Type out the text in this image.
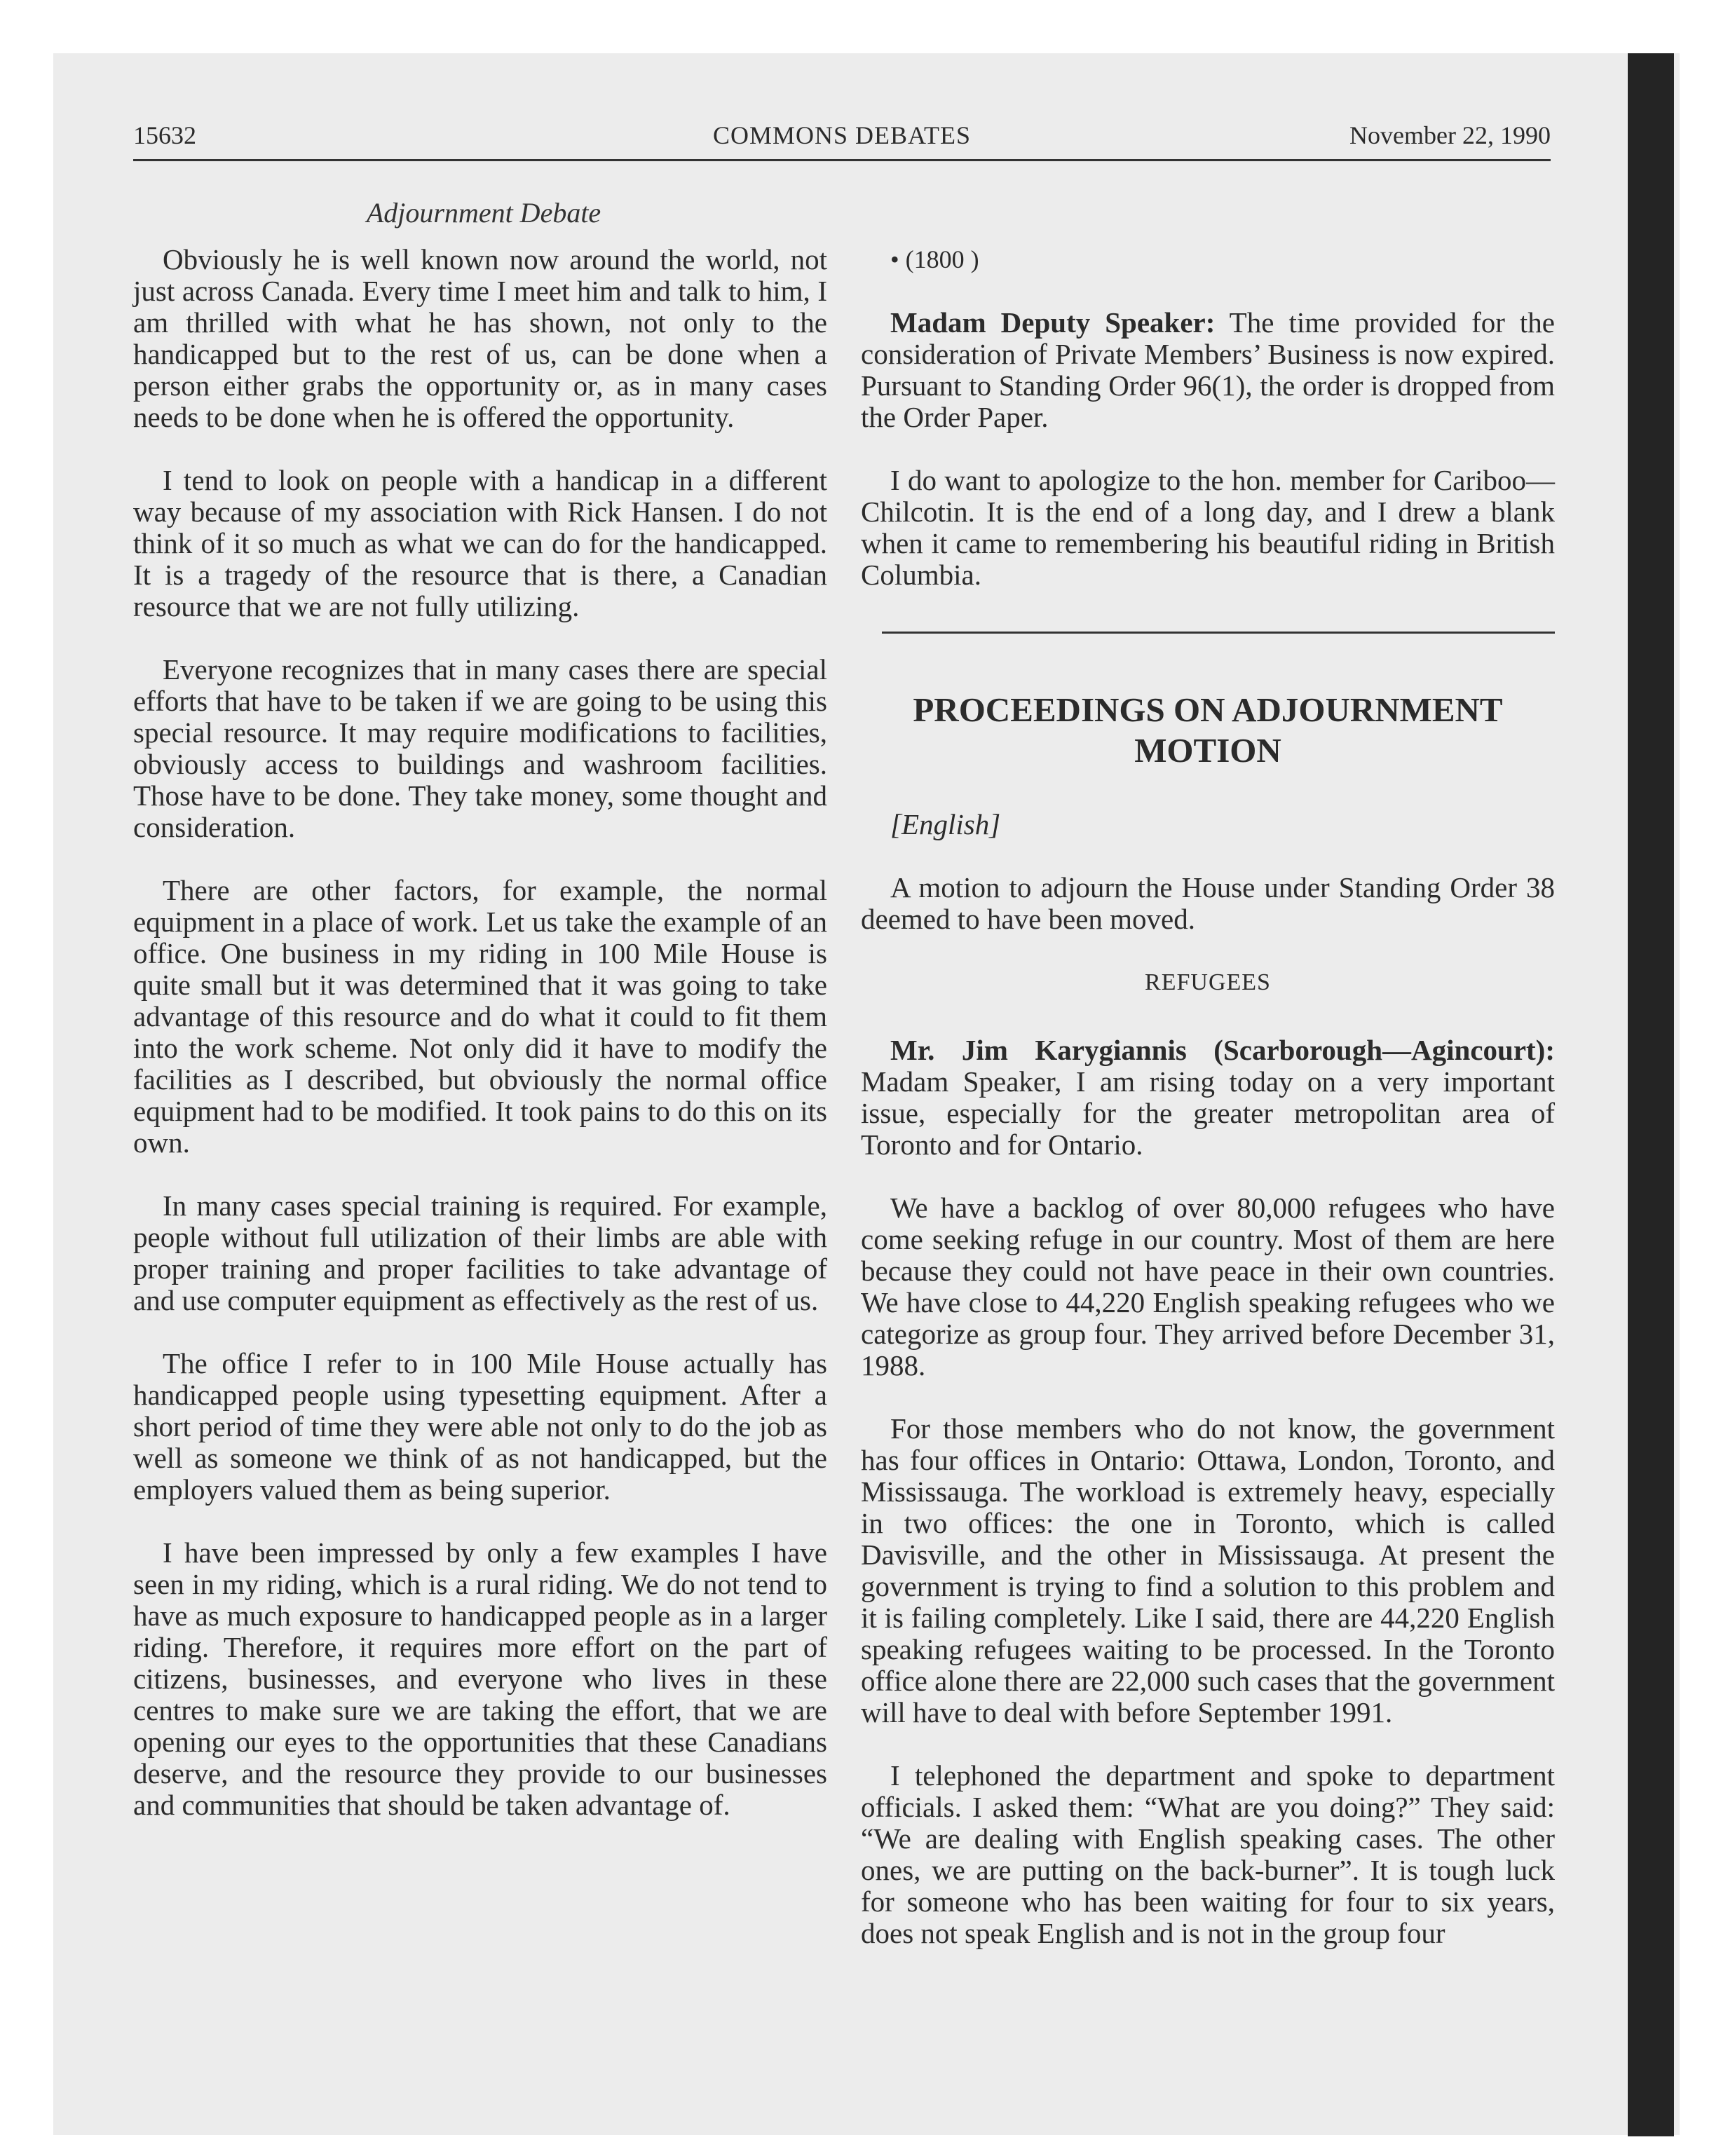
15632	COMMONS DEBATES	November 22, 1990
Adjournment Debate

Obviously he is well known now around the world, not just across Canada. Every time I meet him and talk to him, I am thrilled with what he has shown, not only to the handicapped but to the rest of us, can be done when a person either grabs the opportunity or, as in many cases needs to be done when he is offered the opportunity.

I tend to look on people with a handicap in a different way because of my association with Rick Hansen. I do not think of it so much as what we can do for the handicapped. It is a tragedy of the resource that is there, a Canadian resource that we are not fully utilizing.

Everyone recognizes that in many cases there are special efforts that have to be taken if we are going to be using this special resource. It may require modifications to facilities, obviously access to buildings and washroom facilities. Those have to be done. They take money, some thought and consideration.

There are other factors, for example, the normal equipment in a place of work. Let us take the example of an office. One business in my riding in 100 Mile House is quite small but it was determined that it was going to take advantage of this resource and do what it could to fit them into the work scheme. Not only did it have to modify the facilities as I described, but obviously the normal office equipment had to be modified. It took pains to do this on its own.

In many cases special training is required. For example, people without full utilization of their limbs are able with proper training and proper facilities to take advantage of and use computer equipment as effectively as the rest of us.

The office I refer to in 100 Mile House actually has handicapped people using typesetting equipment. After a short period of time they were able not only to do the job as well as someone we think of as not handicapped, but the employers valued them as being superior.

I have been impressed by only a few examples I have seen in my riding, which is a rural riding. We do not tend to have as much exposure to handicapped people as in a larger riding. Therefore, it requires more effort on the part of citizens, businesses, and everyone who lives in these centres to make sure we are taking the effort, that we are opening our eyes to the opportunities that these Canadians deserve, and the resource they provide to our businesses and communities that should be taken advantage of.

• (1800 )

Madam Deputy Speaker: The time provided for the consideration of Private Members’ Business is now expired. Pursuant to Standing Order 96(1), the order is dropped from the Order Paper.

I do want to apologize to the hon. member for Cariboo—Chilcotin. It is the end of a long day, and I drew a blank when it came to remembering his beautiful riding in British Columbia.

PROCEEDINGS ON ADJOURNMENT MOTION

[English]

A motion to adjourn the House under Standing Order 38 deemed to have been moved.

REFUGEES

Mr. Jim Karygiannis (Scarborough—Agincourt): Madam Speaker, I am rising today on a very important issue, especially for the greater metropolitan area of Toronto and for Ontario.

We have a backlog of over 80,000 refugees who have come seeking refuge in our country. Most of them are here because they could not have peace in their own countries. We have close to 44,220 English speaking refugees who we categorize as group four. They arrived before December 31, 1988.

For those members who do not know, the government has four offices in Ontario: Ottawa, London, Toronto, and Mississauga. The workload is extremely heavy, especially in two offices: the one in Toronto, which is called Davisville, and the other in Mississauga. At present the government is trying to find a solution to this problem and it is failing completely. Like I said, there are 44,220 English speaking refugees waiting to be processed. In the Toronto office alone there are 22,000 such cases that the government will have to deal with before September 1991.

I telephoned the department and spoke to department officials. I asked them: “What are you doing?” They said: “We are dealing with English speaking cases. The other ones, we are putting on the back-burner”. It is tough luck for someone who has been waiting for four to six years, does not speak English and is not in the group four
